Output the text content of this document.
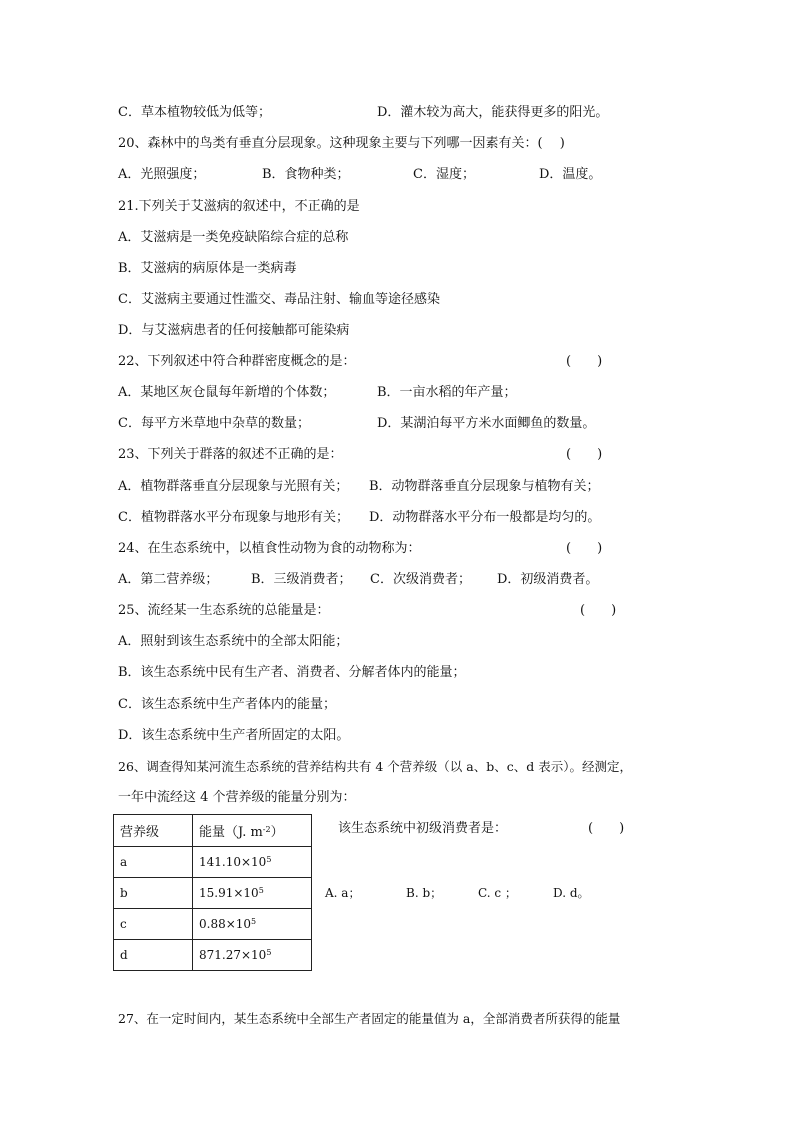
C．草本植物较低为低等；	D．灌木较为高大，能获得更多的阳光。
20、森林中的鸟类有垂直分层现象。这种现象主要与下列哪一因素有关：(　 )
A．光照强度；	B．食物种类；	C．湿度；	D．温度。
21.下列关于艾滋病的叙述中，不正确的是
A．艾滋病是一类免疫缺陷综合症的总称
B．艾滋病的病原体是一类病毒
C．艾滋病主要通过性滥交、毒品注射、输血等途径感染
D．与艾滋病患者的任何接触都可能染病
22、下列叙述中符合种群密度概念的是：	(　　)
A．某地区灰仓鼠每年新增的个体数；	B．一亩水稻的年产量；
C．每平方米草地中杂草的数量；	D．某湖泊每平方米水面鲫鱼的数量。
23、下列关于群落的叙述不正确的是：	(　　)
A．植物群落垂直分层现象与光照有关； B．动物群落垂直分层现象与植物有关；
C．植物群落水平分布现象与地形有关； D．动物群落水平分布一般都是均匀的。
24、在生态系统中，以植食性动物为食的动物称为：	(　　)
A．第二营养级；	B．三级消费者； C．次级消费者； D．初级消费者。
25、流经某一生态系统的总能量是：	(　　)
A．照射到该生态系统中的全部太阳能；
B．该生态系统中民有生产者、消费者、分解者体内的能量；
C．该生态系统中生产者体内的能量；
D．该生态系统中生产者所固定的太阳。
26、调查得知某河流生态系统的营养结构共有 4 个营养级（以 a、b、c、d 表示）。经测定，
一年中流经这 4 个营养级的能量分别为：
营养级	能量（J. $m^{-2}$）
a	$141.10\times 10^5$
b	$15.91\times 10^5$
c	$0.88\times 10^5$
d	$871.27\times 10^5$
该生态系统中初级消费者是：	(　　)
A. a；	B. b；	C. c ；	D. d。
27、在一定时间内，某生态系统中全部生产者固定的能量值为 a，全部消费者所获得的能量
